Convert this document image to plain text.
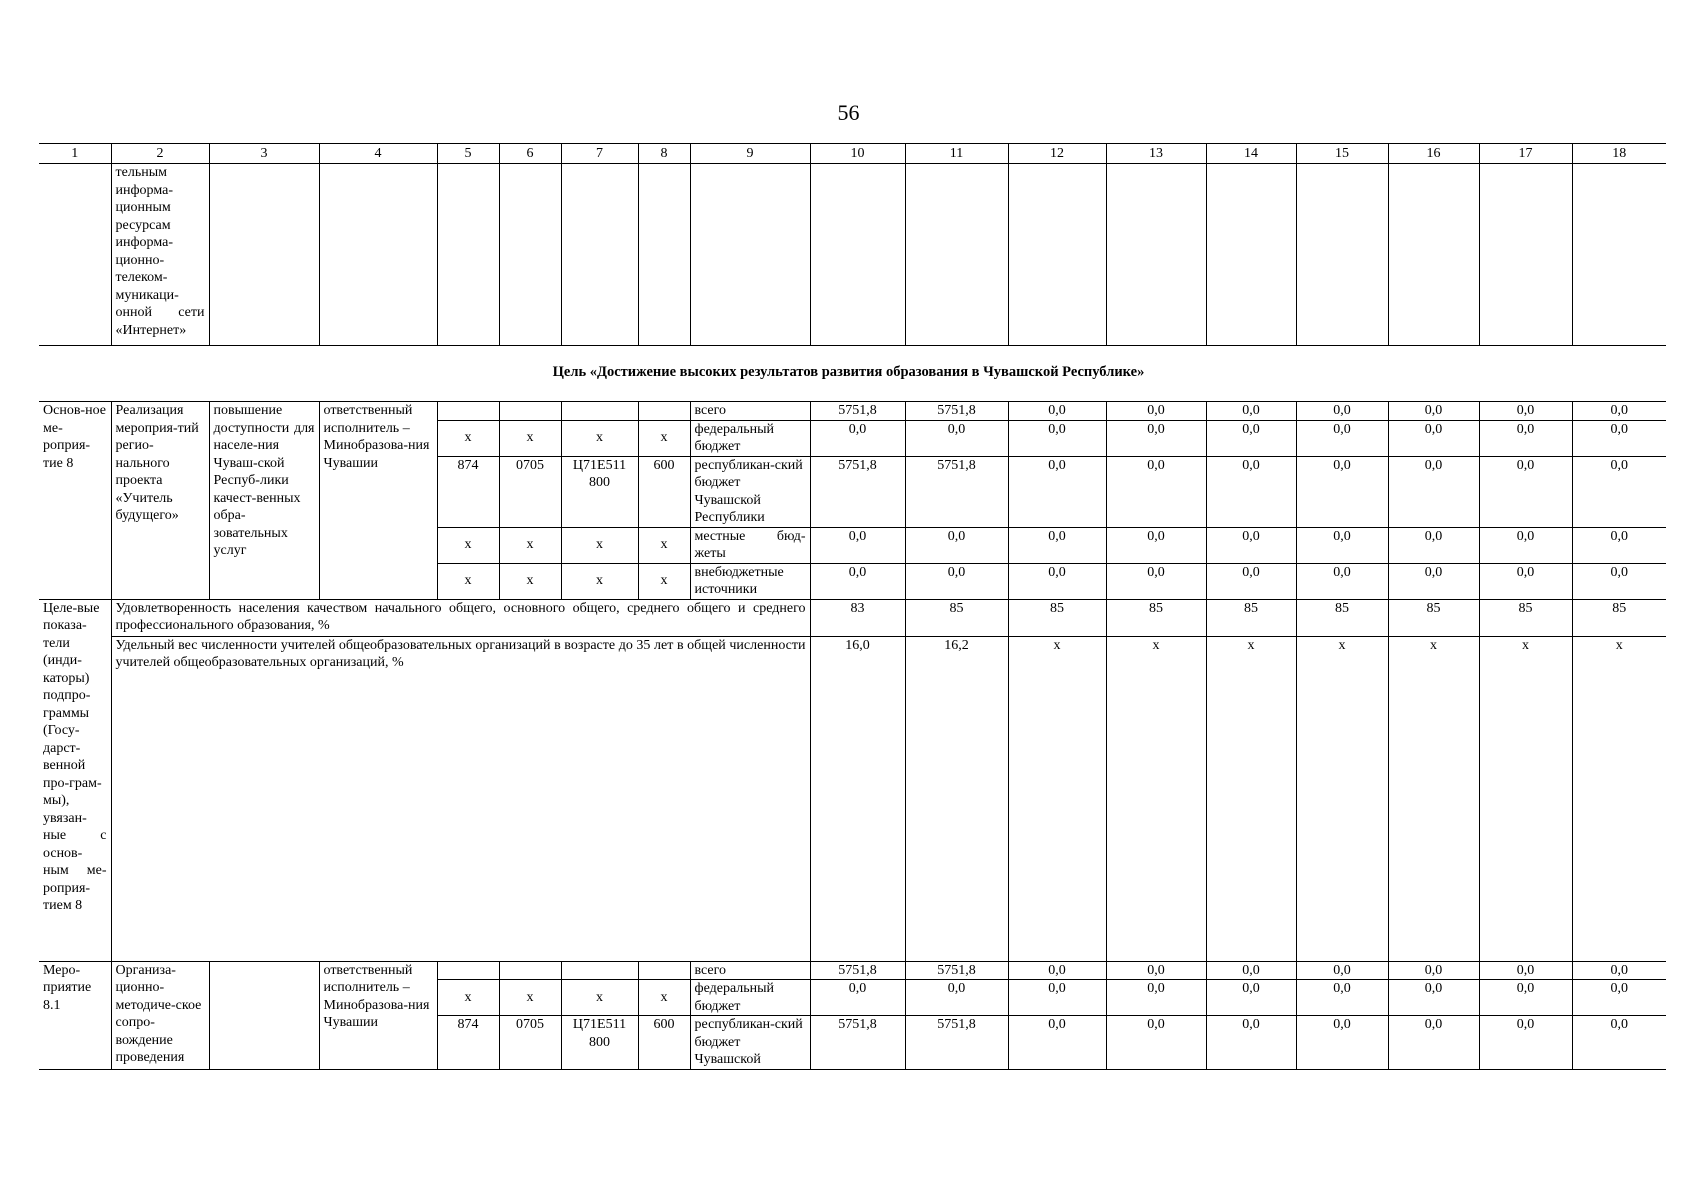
56
1	2	3	4	5	6	7	8	9	10	11	12	13	14	15	16	17	18
	тельным информа-ционным ресурсам информа-ционно-телеком-муникаци-онной сети «Интернет»																
Цель «Достижение высоких результатов развития образования в Чувашской Республике»
Основ-ное ме-роприя-тие 8	Реализация мероприя-тий регио-нального проекта «Учитель будущего»	повышение доступности для населе-ния Чуваш-ской Респуб-лики качест-венных обра-зовательных услуг	ответственный исполнитель – Минобразова-ния Чувашии					всего	5751,8	5751,8	0,0	0,0	0,0	0,0	0,0	0,0	0,0
				x	x	x	x	федеральный бюджет	0,0	0,0	0,0	0,0	0,0	0,0	0,0	0,0	0,0
				874	0705	Ц71Е511 800	600	республикан-ский бюджет Чувашской Республики	5751,8	5751,8	0,0	0,0	0,0	0,0	0,0	0,0	0,0
				x	x	x	x	местные бюд-жеты	0,0	0,0	0,0	0,0	0,0	0,0	0,0	0,0	0,0
				x	x	x	x	внебюджетные источники	0,0	0,0	0,0	0,0	0,0	0,0	0,0	0,0	0,0
Целе-вые показа-тели (инди-каторы) подпро-граммы (Госу-дарст-венной про-грам-мы), увязан-ные с основ-ным ме-роприя-тием 8	Удовлетворенность населения качеством начального общего, основного общего, среднего общего и среднего профессионального образования, %								83	85	85	85	85	85	85	85	85
	Удельный вес численности учителей общеобразовательных организаций в возрасте до 35 лет в общей численности учителей общеобразовательных организаций, %								16,0	16,2	x	x	x	x	x	x	x
Меро-приятие 8.1	Организа-ционно-методиче-ское сопро-вождение проведения		ответственный исполнитель – Минобразова-ния Чувашии					всего	5751,8	5751,8	0,0	0,0	0,0	0,0	0,0	0,0	0,0
				x	x	x	x	федеральный бюджет	0,0	0,0	0,0	0,0	0,0	0,0	0,0	0,0	0,0
				874	0705	Ц71Е511 800	600	республикан-ский бюджет Чувашской	5751,8	5751,8	0,0	0,0	0,0	0,0	0,0	0,0	0,0
